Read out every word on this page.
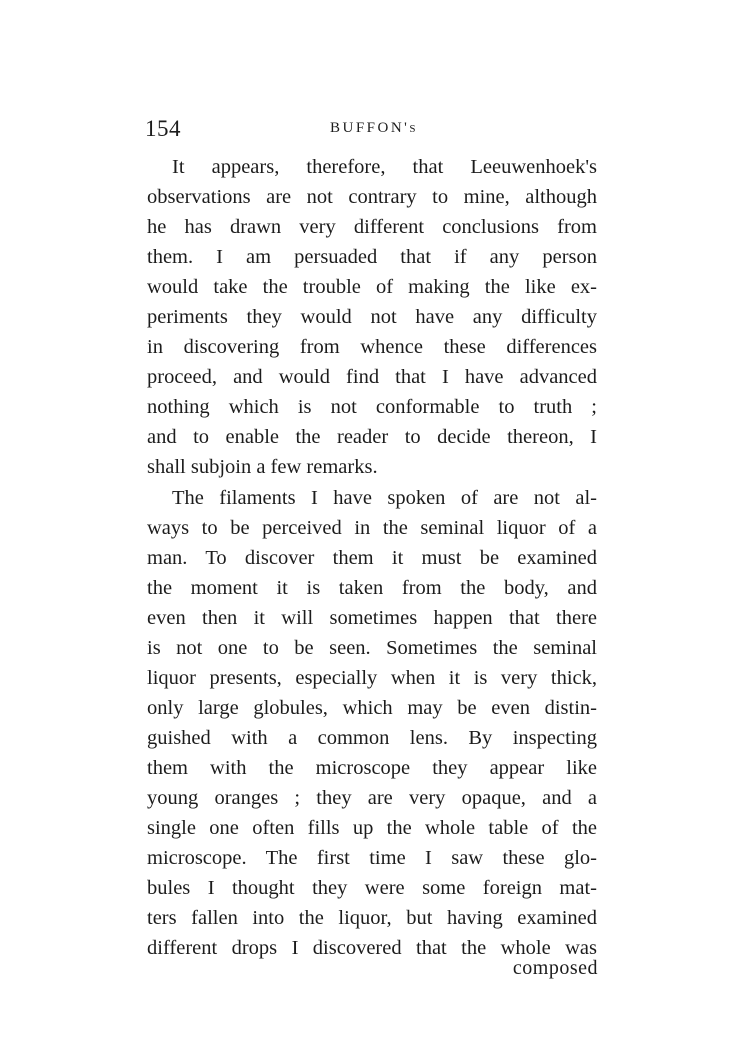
154	BUFFON's

It appears, therefore, that Leeuwenhoek's
observations are not contrary to mine, although
he has drawn very different conclusions from
them. I am persuaded that if any person
would take the trouble of making the like ex-
periments they would not have any difficulty
in discovering from whence these differences
proceed, and would find that I have advanced
nothing which is not conformable to truth ;
and to enable the reader to decide thereon, I
shall subjoin a few remarks.

The filaments I have spoken of are not al-
ways to be perceived in the seminal liquor of a
man. To discover them it must be examined
the moment it is taken from the body, and
even then it will sometimes happen that there
is not one to be seen. Sometimes the seminal
liquor presents, especially when it is very thick,
only large globules, which may be even distin-
guished with a common lens. By inspecting
them with the microscope they appear like
young oranges ; they are very opaque, and a
single one often fills up the whole table of the
microscope. The first time I saw these glo-
bules I thought they were some foreign mat-
ters fallen into the liquor, but having examined
different drops I discovered that the whole was

composed
